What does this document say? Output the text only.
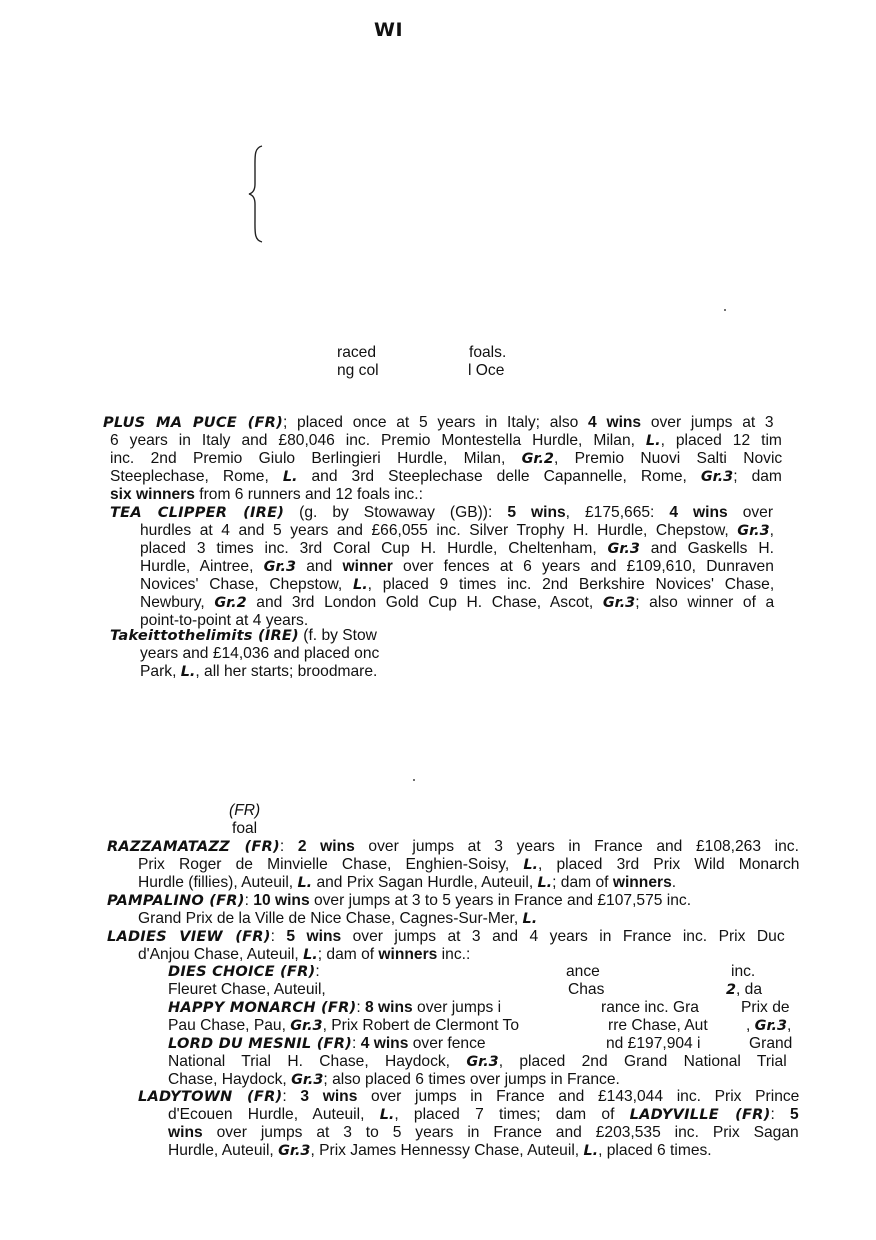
WI
raced	foals.
ng col	l Oce
(FR)
foal
PLUS MA PUCE (FR); placed once at 5 years in Italy; also 4 wins over jumps at 3
6 years in Italy and £80,046 inc. Premio Montestella Hurdle, Milan, L., placed 12 tim
inc. 2nd Premio Giulo Berlingieri Hurdle, Milan, Gr.2, Premio Nuovi Salti Novic
Steeplechase, Rome, L. and 3rd Steeplechase delle Capannelle, Rome, Gr.3; dam
six winners from 6 runners and 12 foals inc.:
TEA CLIPPER (IRE) (g. by Stowaway (GB)): 5 wins, £175,665: 4 wins over
hurdles at 4 and 5 years and £66,055 inc. Silver Trophy H. Hurdle, Chepstow, Gr.3,
placed 3 times inc. 3rd Coral Cup H. Hurdle, Cheltenham, Gr.3 and Gaskells H.
Hurdle, Aintree, Gr.3 and winner over fences at 6 years and £109,610, Dunraven
Novices' Chase, Chepstow, L., placed 9 times inc. 2nd Berkshire Novices' Chase,
Newbury, Gr.2 and 3rd London Gold Cup H. Chase, Ascot, Gr.3; also winner of a
point-to-point at 4 years.
Takeittothelimits (IRE) (f. by Stow
years and £14,036 and placed onc
Park, L., all her starts; broodmare.
RAZZAMATAZZ (FR): 2 wins over jumps at 3 years in France and £108,263 inc.
Prix Roger de Minvielle Chase, Enghien-Soisy, L., placed 3rd Prix Wild Monarch
Hurdle (fillies), Auteuil, L. and Prix Sagan Hurdle, Auteuil, L.; dam of winners.
PAMPALINO (FR): 10 wins over jumps at 3 to 5 years in France and £107,575 inc.
Grand Prix de la Ville de Nice Chase, Cagnes-Sur-Mer, L.
LADIES VIEW (FR): 5 wins over jumps at 3 and 4 years in France inc. Prix Duc
d'Anjou Chase, Auteuil, L.; dam of winners inc.:
DIES CHOICE (FR):
Fleuret Chase, Auteuil,
HAPPY MONARCH (FR): 8 wins over jumps i
Pau Chase, Pau, Gr.3, Prix Robert de Clermont To
LORD DU MESNIL (FR): 4 wins over fence
National Trial H. Chase, Haydock, Gr.3, placed 2nd Grand National Trial
Chase, Haydock, Gr.3; also placed 6 times over jumps in France.
LADYTOWN (FR): 3 wins over jumps in France and £143,044 inc. Prix Prince
d'Ecouen Hurdle, Auteuil, L., placed 7 times; dam of LADYVILLE (FR): 5
wins over jumps at 3 to 5 years in France and £203,535 inc. Prix Sagan
Hurdle, Auteuil, Gr.3, Prix James Hennessy Chase, Auteuil, L., placed 6 times.
ance	inc.
Chas	2, da
rance inc. Gra	Prix de
rre Chase, Aut , Gr.3,
nd £197,904 i	Grand
